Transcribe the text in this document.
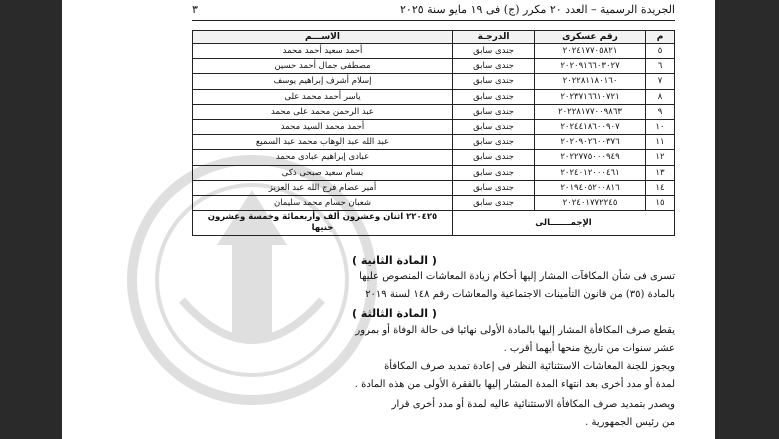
الجريدة الرسمية – العدد ٢٠ مكرر (ج) فى ١٩ مايو سنة ٢٠٢٥
٣
م	رقم عسكرى	الدرجـة	الاســـم
٥	٢٠٢٤١٧٧٠٥٨٢١	جندى سابق	أحمد سعيد أحمد محمد
٦	٢٠٢٠٩١٦٦٠٣٠٢٧	جندى سابق	مصطفى جمال أحمد حسين
٧	٢٠٢٢٨١١٨٠١٦٠	جندى سابق	إسلام أشرف إبراهيم يوسف
٨	٢٠٢٣٧١٦٦١٠٧٢١	جندى سابق	ياسر أحمد محمد على
٩	٢٠٢٢٨١٧٧٠٠٩٨٦٣	جندى سابق	عبد الرحمن محمد على محمد
١٠	٢٠٢٤٤١٨٦٠٠٩٠٧	جندى سابق	أحمد محمد السيد محمد
١١	٢٠٢٠٩٠٢٦٠٠٣٧٦	جندى سابق	عبد الله عبد الوهاب محمد عبد السميع
١٢	٢٠٢٢٧٧٥٠٠٠٩٤٩	جندى سابق	عبادى إبراهيم عبادى محمد
١٣	٢٠٢٤٠١٢٠٠٠٤٦١	جندى سابق	بسام سعيد صبحى ذكى
١٤	٢٠١٩٤٠٥٢٠٠٨١٦	جندى سابق	أمير عصام فرج الله عبد العزيز
١٥	٢٠٢٤٠١٧٧٢٢٤٥	جندى سابق	شعبان حسام محمد سليمان
الإجمـــــــالى			٢٢٠٤٢٥ اثنان وعشرون ألف وأربعمائة وخمسة وعشرون جنيها
( المادة الثانية )
تسرى فى شأن المكافآت المشار إليها أحكام زيادة المعاشات المنصوص عليها
بالمادة (٣٥) من قانون التأمينات الاجتماعية والمعاشات رقم ١٤٨ لسنة ٢٠١٩
( المادة الثالثة )
يقطع صرف المكافأة المشار إليها بالمادة الأولى نهائيا فى حالة الوفاة أو بمرور
عشر سنوات من تاريخ منحها أيهما أقرب .
ويجوز للجنة المعاشات الاستثنائية النظر فى إعادة تمديد صرف المكافأة
لمدة أو مدد أخرى بعد انتهاء المدة المشار إليها بالفقرة الأولى من هذه المادة .
ويصدر بتمديد صرف المكافأة الاستثنائية عاليه لمدة أو مدد أخرى قرار
من رئيس الجمهورية .
